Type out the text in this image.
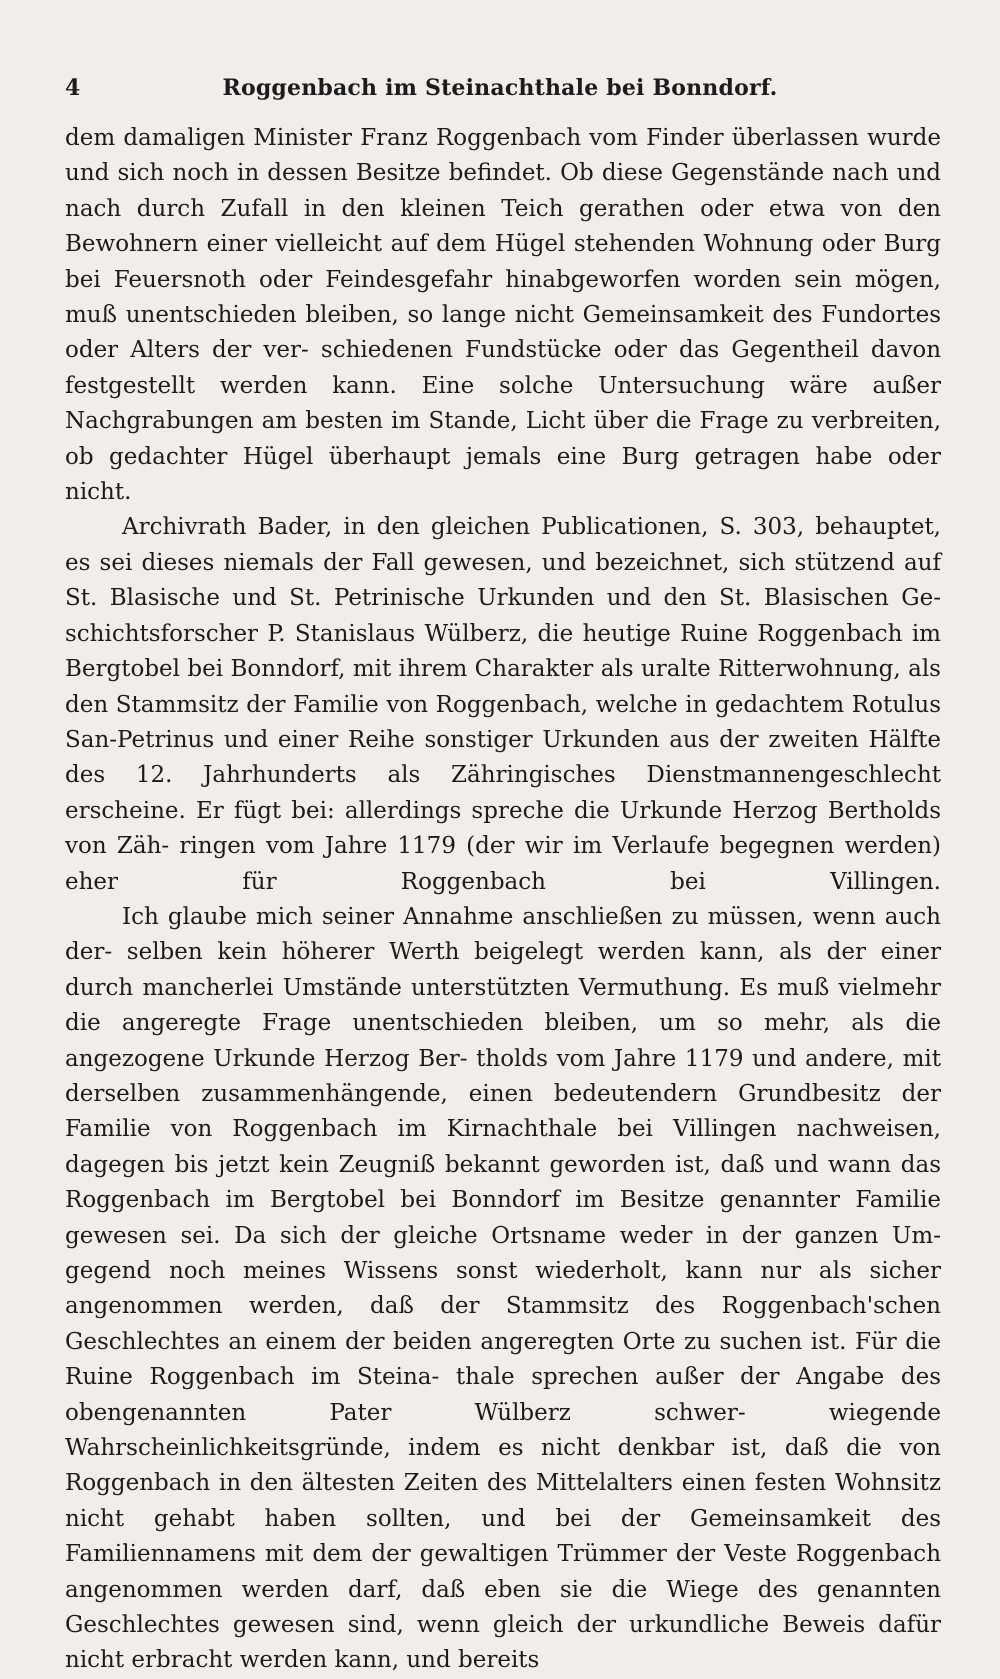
4	Roggenbach im Steinachthale bei Bonndorf.

dem damaligen Minister Franz Roggenbach vom Finder überlassen wurde und sich noch in dessen Besitze befindet. Ob diese Gegenstände nach und nach durch Zufall in den kleinen Teich gerathen oder etwa von den Bewohnern einer vielleicht auf dem Hügel stehenden Wohnung oder Burg bei Feuersnoth oder Feindesgefahr hinabgeworfen worden sein mögen, muß unentschieden bleiben, so lange nicht Gemeinsamkeit des Fundortes oder Alters der ver- schiedenen Fundstücke oder das Gegentheil davon festgestellt werden kann. Eine solche Untersuchung wäre außer Nachgrabungen am besten im Stande, Licht über die Frage zu verbreiten, ob gedachter Hügel überhaupt jemals eine Burg getragen habe oder nicht.

Archivrath Bader, in den gleichen Publicationen, S. 303, behauptet, es sei dieses niemals der Fall gewesen, und bezeichnet, sich stützend auf St. Blasische und St. Petrinische Urkunden und den St. Blasischen Ge- schichtsforscher P. Stanislaus Wülberz, die heutige Ruine Roggenbach im Bergtobel bei Bonndorf, mit ihrem Charakter als uralte Ritterwohnung, als den Stammsitz der Familie von Roggenbach, welche in gedachtem Rotulus San-Petrinus und einer Reihe sonstiger Urkunden aus der zweiten Hälfte des 12. Jahrhunderts als Zähringisches Dienstmannengeschlecht erscheine. Er fügt bei: allerdings spreche die Urkunde Herzog Bertholds von Zäh- ringen vom Jahre 1179 (der wir im Verlaufe begegnen werden) eher für	Roggenbach bei Villingen.

Ich glaube mich seiner Annahme anschließen zu müssen, wenn auch der- selben kein höherer Werth beigelegt werden kann, als der einer durch mancherlei Umstände unterstützten Vermuthung. Es muß vielmehr die angeregte Frage unentschieden bleiben, um so mehr, als die angezogene Urkunde Herzog Ber- tholds vom Jahre 1179 und andere, mit derselben zusammenhängende, einen bedeutendern Grundbesitz der Familie von Roggenbach im Kirnachthale bei Villingen nachweisen, dagegen bis jetzt kein Zeugniß bekannt geworden ist, daß und wann das Roggenbach im Bergtobel bei Bonndorf im Besitze genannter Familie gewesen sei. Da sich der gleiche Ortsname weder in der ganzen Um- gegend noch meines Wissens sonst wiederholt, kann nur als sicher angenommen werden, daß der Stammsitz des Roggenbach'schen Geschlechtes an einem der beiden angeregten Orte zu suchen ist. Für die Ruine Roggenbach im Steina- thale sprechen außer der Angabe des obengenannten Pater Wülberz schwer-	wiegende Wahrscheinlichkeitsgründe, indem es nicht denkbar ist, daß die von Roggenbach in den ältesten Zeiten des Mittelalters einen festen Wohnsitz nicht gehabt haben sollten, und bei der Gemeinsamkeit des Familiennamens mit dem der gewaltigen Trümmer der Veste Roggenbach angenommen werden darf, daß eben sie die Wiege des genannten Geschlechtes gewesen sind, wenn gleich der urkundliche Beweis dafür nicht erbracht werden kann, und bereits
